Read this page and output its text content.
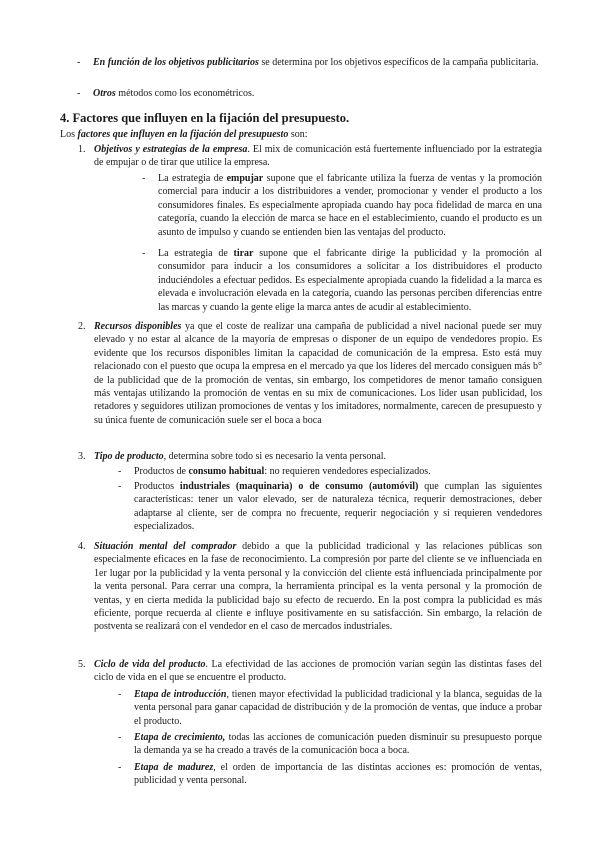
- En función de los objetivos publicitarios se determina por los objetivos específicos de la campaña publicitaria.
- Otros métodos como los econométricos.
4. Factores que influyen en la fijación del presupuesto.
Los factores que influyen en la fijación del presupuesto son:
1. Objetivos y estrategias de la empresa. El mix de comunicación está fuertemente influenciado por la estrategia de empujar o de tirar que utilice la empresa.
- La estrategia de empujar supone que el fabricante utiliza la fuerza de ventas y la promoción comercial para inducir a los distribuidores a vender, promocionar y vender el producto a los consumidores finales. Es especialmente apropiada cuando hay poca fidelidad de marca en una categoría, cuando la elección de marca se hace en el establecimiento, cuando el producto es un asunto de impulso y cuando se entienden bien las ventajas del producto.
- La estrategia de tirar supone que el fabricante dirige la publicidad y la promoción al consumidor para inducir a los consumidores a solicitar a los distribuidores el producto induciéndoles a efectuar pedidos. Es especialmente apropiada cuando la fidelidad a la marca es elevada e involucración elevada en la categoría, cuando las personas perciben diferencias entre las marcas y cuando la gente elige la marca antes de acudir al establecimiento.
2. Recursos disponibles ya que el coste de realizar una campaña de publicidad a nivel nacional puede ser muy elevado y no estar al alcance de la mayoría de empresas o disponer de un equipo de vendedores propio. Es evidente que los recursos disponibles limitan la capacidad de comunicación de la empresa. Esto está muy relacionado con el puesto que ocupa la empresa en el mercado ya que los líderes del mercado consiguen más b° de la publicidad que de la promoción de ventas, sin embargo, los competidores de menor tamaño consiguen más ventajas utilizando la promoción de ventas en su mix de comunicaciones. Los líder usan publicidad, los retadores y seguidores utilizan promociones de ventas y los imitadores, normalmente, carecen de presupuesto y su única fuente de comunicación suele ser el boca a boca
3. Tipo de producto, determina sobre todo si es necesario la venta personal.
- Productos de consumo habitual: no requieren vendedores especializados.
- Productos industriales (maquinaria) o de consumo (automóvil) que cumplan las siguientes características: tener un valor elevado, ser de naturaleza técnica, requerir demostraciones, deber adaptarse al cliente, ser de compra no frecuente, requerir negociación y si requieren vendedores especializados.
4. Situación mental del comprador debido a que la publicidad tradicional y las relaciones públicas son especialmente eficaces en la fase de reconocimiento. La compresión por parte del cliente se ve influenciada en 1er lugar por la publicidad y la venta personal y la convicción del cliente está influenciada principalmente por la venta personal. Para cerrar una compra, la herramienta principal es la venta personal y la promoción de ventas, y en cierta medida la publicidad bajo su efecto de recuerdo. En la post compra la publicidad es más eficiente, porque recuerda al cliente e influye positivamente en su satisfacción. Sin embargo, la relación de postventa se realizará con el vendedor en el caso de mercados industriales.
5. Ciclo de vida del producto. La efectividad de las acciones de promoción varían según las distintas fases del ciclo de vida en el que se encuentre el producto.
- Etapa de introducción, tienen mayor efectividad la publicidad tradicional y la blanca, seguidas de la venta personal para ganar capacidad de distribución y de la promoción de ventas, que induce a probar el producto.
- Etapa de crecimiento, todas las acciones de comunicación pueden disminuir su presupuesto porque la demanda ya se ha creado a través de la comunicación boca a boca.
- Etapa de madurez, el orden de importancia de las distintas acciones es: promoción de ventas, publicidad y venta personal.
